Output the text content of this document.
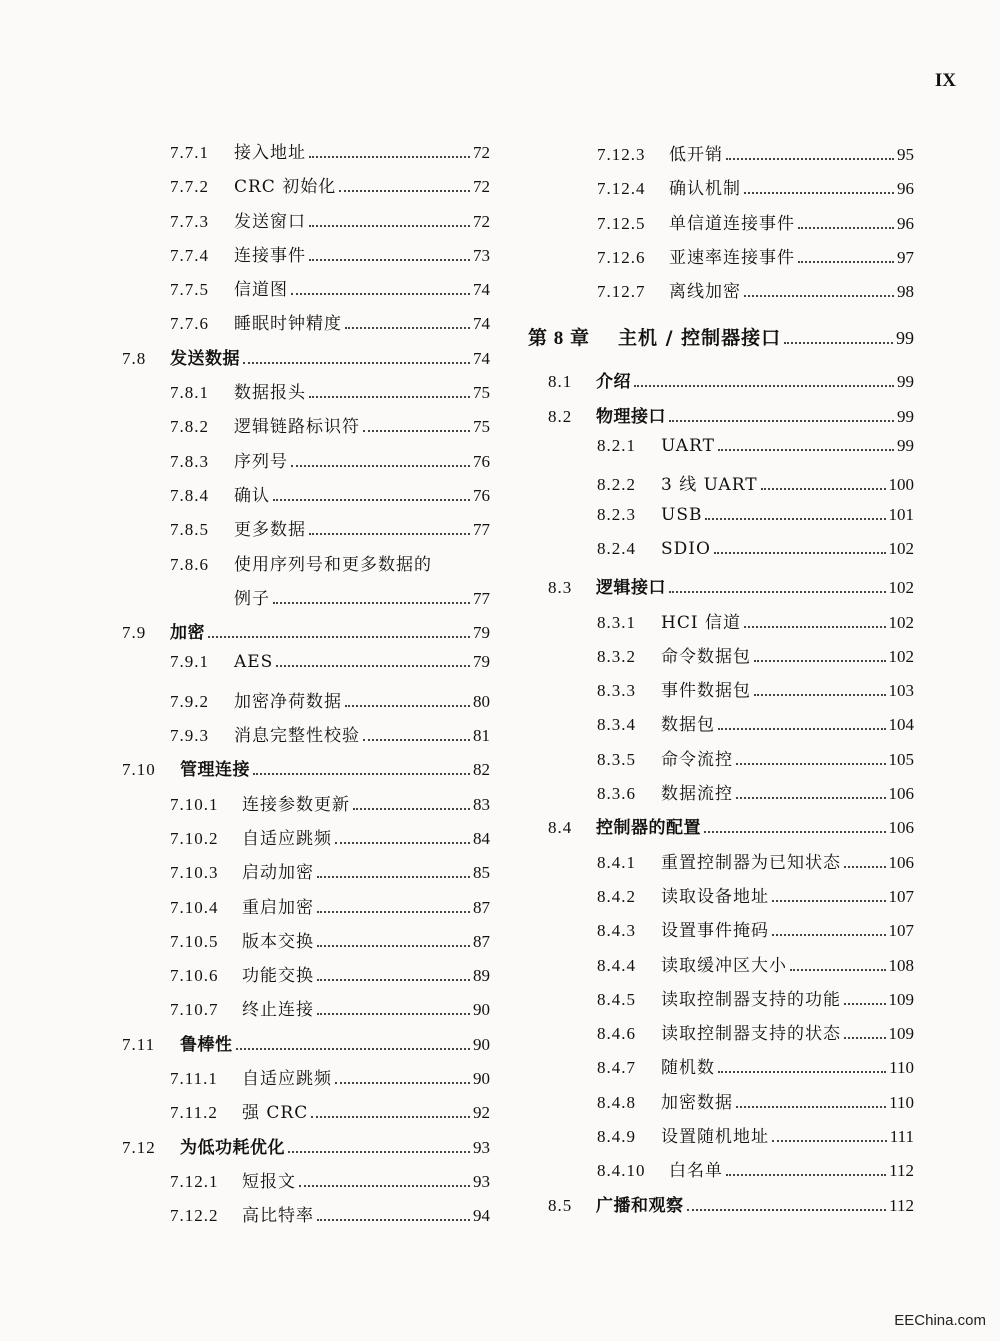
IX
7.7.1	接入地址	72
7.7.2	CRC 初始化	72
7.7.3	发送窗口	72
7.7.4	连接事件	73
7.7.5	信道图	74
7.7.6	睡眠时钟精度	74
7.8	发送数据	74
7.8.1	数据报头	75
7.8.2	逻辑链路标识符	75
7.8.3	序列号	76
7.8.4	确认	76
7.8.5	更多数据	77
7.8.6	使用序列号和更多数据的
例子	77
7.9	加密	79
7.9.1	AES	79
7.9.2	加密净荷数据	80
7.9.3	消息完整性校验	81
7.10	管理连接	82
7.10.1	连接参数更新	83
7.10.2	自适应跳频	84
7.10.3	启动加密	85
7.10.4	重启加密	87
7.10.5	版本交换	87
7.10.6	功能交换	89
7.10.7	终止连接	90
7.11	鲁棒性	90
7.11.1	自适应跳频	90
7.11.2	强 CRC	92
7.12	为低功耗优化	93
7.12.1	短报文	93
7.12.2	高比特率	94
7.12.3	低开销	95
7.12.4	确认机制	96
7.12.5	单信道连接事件	96
7.12.6	亚速率连接事件	97
7.12.7	离线加密	98
第 8 章	主机 / 控制器接口	99
8.1	介绍	99
8.2	物理接口	99
8.2.1	UART	99
8.2.2	3 线 UART	100
8.2.3	USB	101
8.2.4	SDIO	102
8.3	逻辑接口	102
8.3.1	HCI 信道	102
8.3.2	命令数据包	102
8.3.3	事件数据包	103
8.3.4	数据包	104
8.3.5	命令流控	105
8.3.6	数据流控	106
8.4	控制器的配置	106
8.4.1	重置控制器为已知状态	106
8.4.2	读取设备地址	107
8.4.3	设置事件掩码	107
8.4.4	读取缓冲区大小	108
8.4.5	读取控制器支持的功能	109
8.4.6	读取控制器支持的状态	109
8.4.7	随机数	110
8.4.8	加密数据	110
8.4.9	设置随机地址	111
8.4.10	白名单	112
8.5	广播和观察	112
EEChina.com
